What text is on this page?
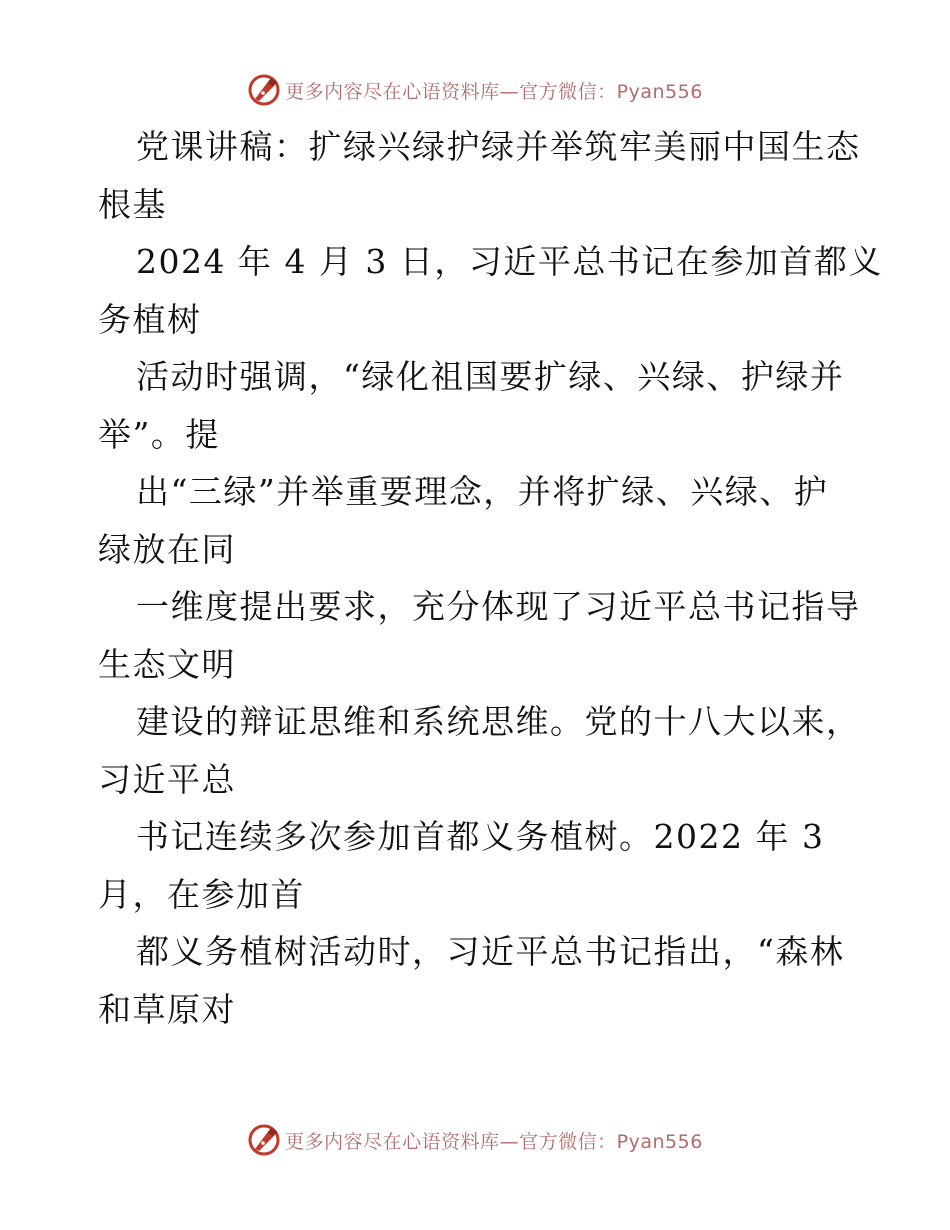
更多内容尽在心语资料库—官方微信：Pyan556
党课讲稿：扩绿兴绿护绿并举筑牢美丽中国生态
根基
2024 年 4 月 3 日，习近平总书记在参加首都义
务植树
活动时强调，“绿化祖国要扩绿、兴绿、护绿并
举”。提
出“三绿”并举重要理念，并将扩绿、兴绿、护
绿放在同
一维度提出要求，充分体现了习近平总书记指导
生态文明
建设的辩证思维和系统思维。党的十八大以来，
习近平总
书记连续多次参加首都义务植树。2022 年 3
月，在参加首
都义务植树活动时，习近平总书记指出，“森林
和草原对
更多内容尽在心语资料库—官方微信：Pyan556
